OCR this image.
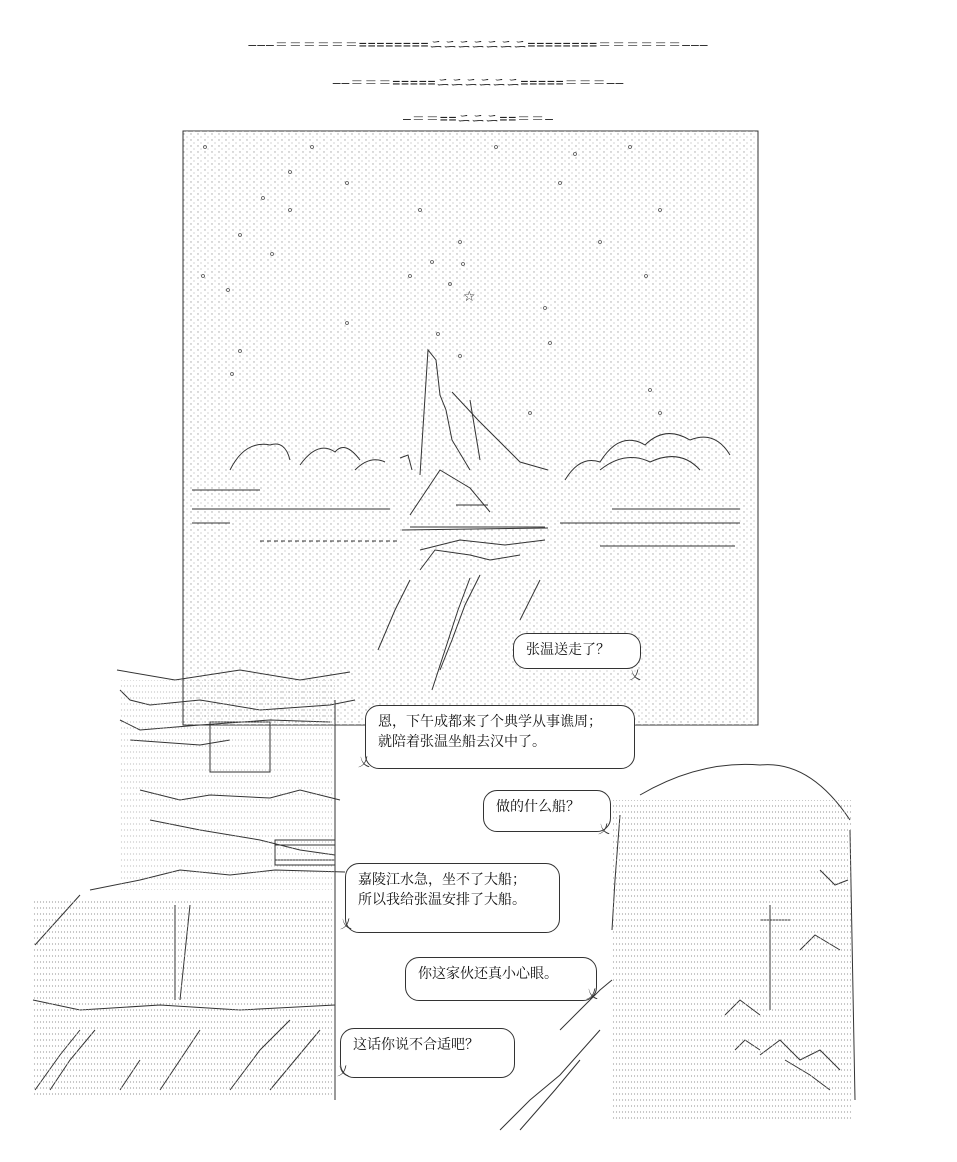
———＝＝＝＝＝＝========ニニニニニニニ========＝＝＝＝＝＝———
——＝＝＝=====ニニニニニニ=====＝＝＝——
—＝＝==ニニニ==＝＝—
☆
张温送走了？
乂
恩，下午成都来了个典学从事谯周；
就陪着张温坐船去汉中了。
乂
做的什么船？
乂
嘉陵江水急，坐不了大船；
所以我给张温安排了大船。
乂
你这家伙还真小心眼。
乂
这话你说不合适吧？
乂
